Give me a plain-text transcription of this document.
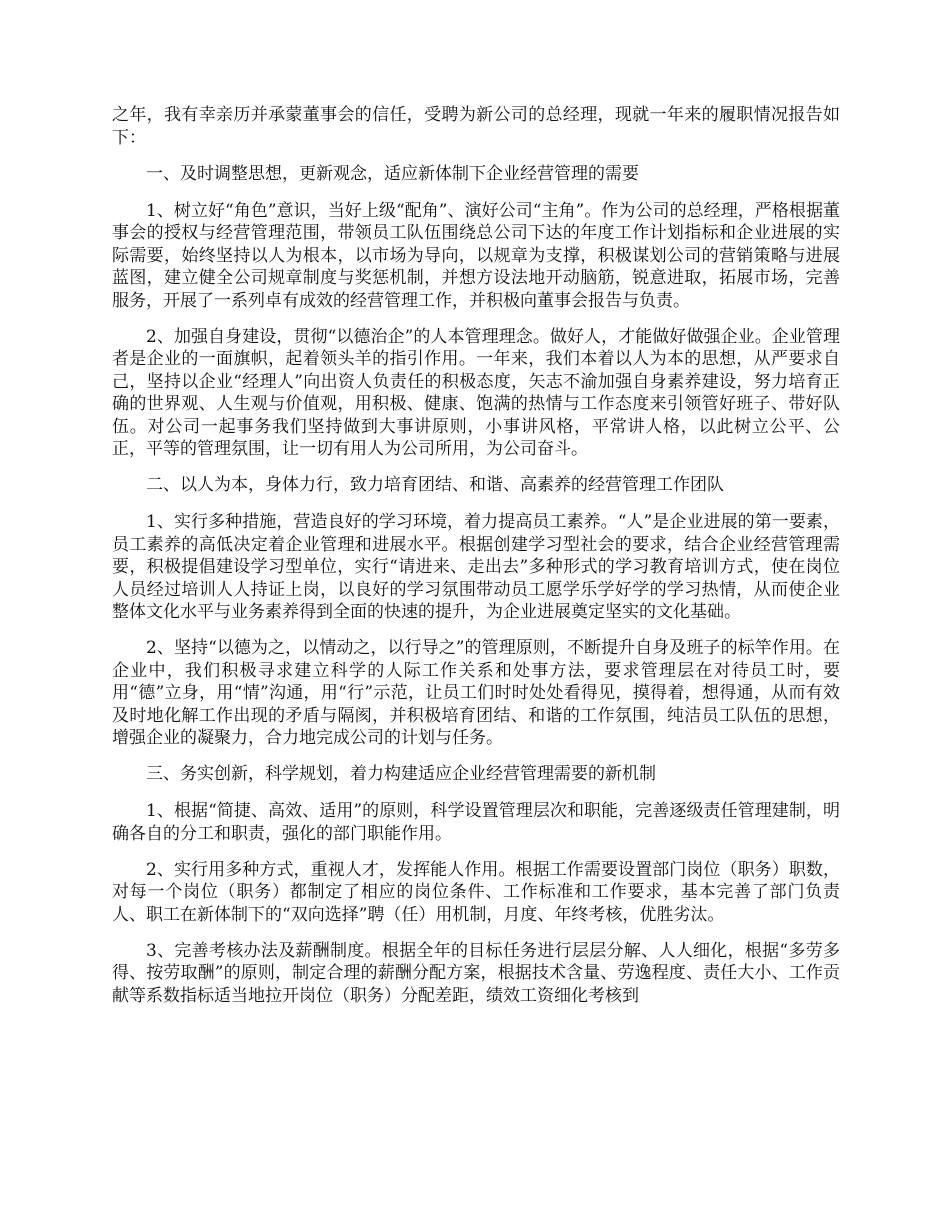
之年，我有幸亲历并承蒙董事会的信任，受聘为新公司的总经理，现就一年来的履职情况报告如下：

一、及时调整思想，更新观念，适应新体制下企业经营管理的需要

1、树立好“角色”意识，当好上级“配角”、演好公司“主角”。作为公司的总经理，严格根据董事会的授权与经营管理范围，带领员工队伍围绕总公司下达的年度工作计划指标和企业进展的实际需要，始终坚持以人为根本，以市场为导向，以规章为支撑，积极谋划公司的营销策略与进展蓝图，建立健全公司规章制度与奖惩机制，并想方设法地开动脑筋，锐意进取，拓展市场，完善服务，开展了一系列卓有成效的经营管理工作，并积极向董事会报告与负责。

2、加强自身建设，贯彻“以德治企”的人本管理理念。做好人，才能做好做强企业。企业管理者是企业的一面旗帜，起着领头羊的指引作用。一年来，我们本着以人为本的思想，从严要求自己，坚持以企业“经理人”向出资人负责任的积极态度，矢志不渝加强自身素养建设，努力培育正确的世界观、人生观与价值观，用积极、健康、饱满的热情与工作态度来引领管好班子、带好队伍。对公司一起事务我们坚持做到大事讲原则，小事讲风格，平常讲人格，以此树立公平、公正，平等的管理氛围，让一切有用人为公司所用，为公司奋斗。

二、以人为本，身体力行，致力培育团结、和谐、高素养的经营管理工作团队

1、实行多种措施，营造良好的学习环境，着力提高员工素养。“人”是企业进展的第一要素，员工素养的高低决定着企业管理和进展水平。根据创建学习型社会的要求，结合企业经营管理需要，积极提倡建设学习型单位，实行“请进来、走出去”多种形式的学习教育培训方式，使在岗位人员经过培训人人持证上岗，以良好的学习氛围带动员工愿学乐学好学的学习热情，从而使企业整体文化水平与业务素养得到全面的快速的提升，为企业进展奠定坚实的文化基础。

2、坚持“以德为之，以情动之，以行导之”的管理原则，不断提升自身及班子的标竿作用。在企业中，我们积极寻求建立科学的人际工作关系和处事方法，要求管理层在对待员工时，要用“德”立身，用“情”沟通，用“行”示范，让员工们时时处处看得见，摸得着，想得通，从而有效及时地化解工作出现的矛盾与隔阂，并积极培育团结、和谐的工作氛围，纯洁员工队伍的思想，增强企业的凝聚力，合力地完成公司的计划与任务。

三、务实创新，科学规划，着力构建适应企业经营管理需要的新机制

1、根据“简捷、高效、适用”的原则，科学设置管理层次和职能，完善逐级责任管理建制，明确各自的分工和职责，强化的部门职能作用。

2、实行用多种方式，重视人才，发挥能人作用。根据工作需要设置部门岗位（职务）职数，对每一个岗位（职务）都制定了相应的岗位条件、工作标准和工作要求，基本完善了部门负责人、职工在新体制下的“双向选择”聘（任）用机制，月度、年终考核，优胜劣汰。

3、完善考核办法及薪酬制度。根据全年的目标任务进行层层分解、人人细化，根据“多劳多得、按劳取酬”的原则，制定合理的薪酬分配方案，根据技术含量、劳逸程度、责任大小、工作贡献等系数指标适当地拉开岗位（职务）分配差距，绩效工资细化考核到
